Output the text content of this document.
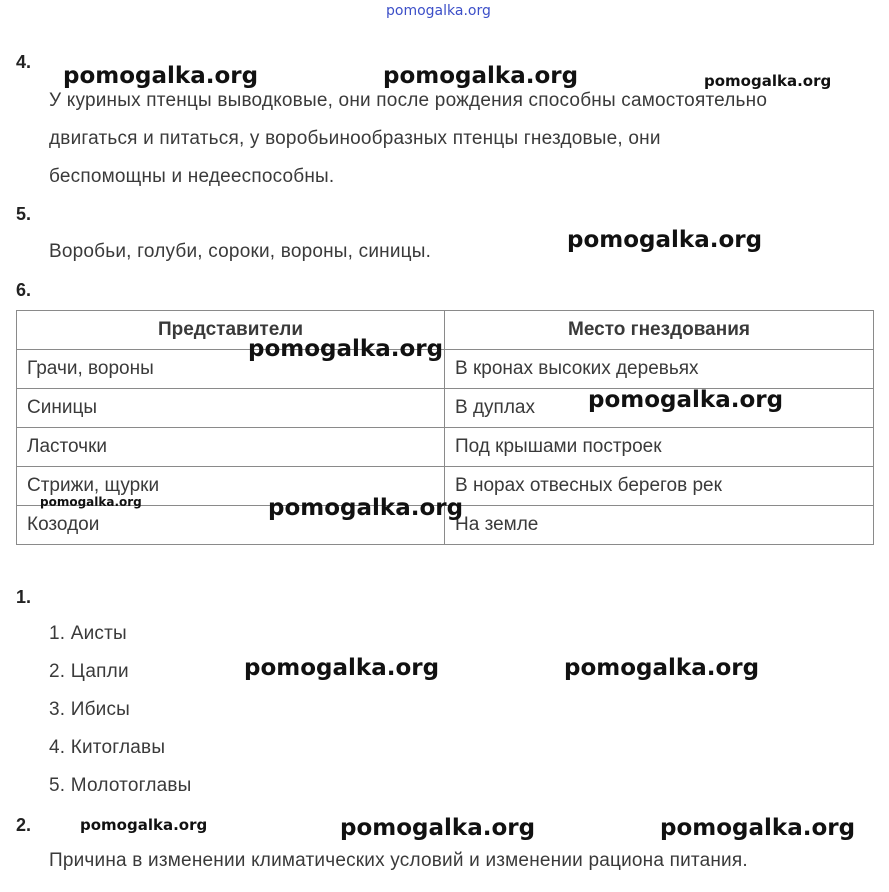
pomogalka.org
4.
У куриных птенцы выводковые, они после рождения способны самостоятельно
двигаться и питаться, у воробьинообразных птенцы гнездовые, они
беспомощны и недееспособны.
5.
Воробьи, голуби, сороки, вороны, синицы.
6.
Представители	Место гнездования
Грачи, вороны	В кронах высоких деревьях
Синицы	В дуплах
Ласточки	Под крышами построек
Стрижи, щурки	В норах отвесных берегов рек
Козодои	На земле
1.
1. Аисты
2. Цапли
3. Ибисы
4. Китоглавы
5. Молотоглавы
2.
Причина в изменении климатических условий и изменении рациона питания.
pomogalka.org	pomogalka.org	pomogalka.org
pomogalka.org
pomogalka.org
pomogalka.org
pomogalka.org	pomogalka.org
pomogalka.org	pomogalka.org
pomogalka.org	pomogalka.org	pomogalka.org
